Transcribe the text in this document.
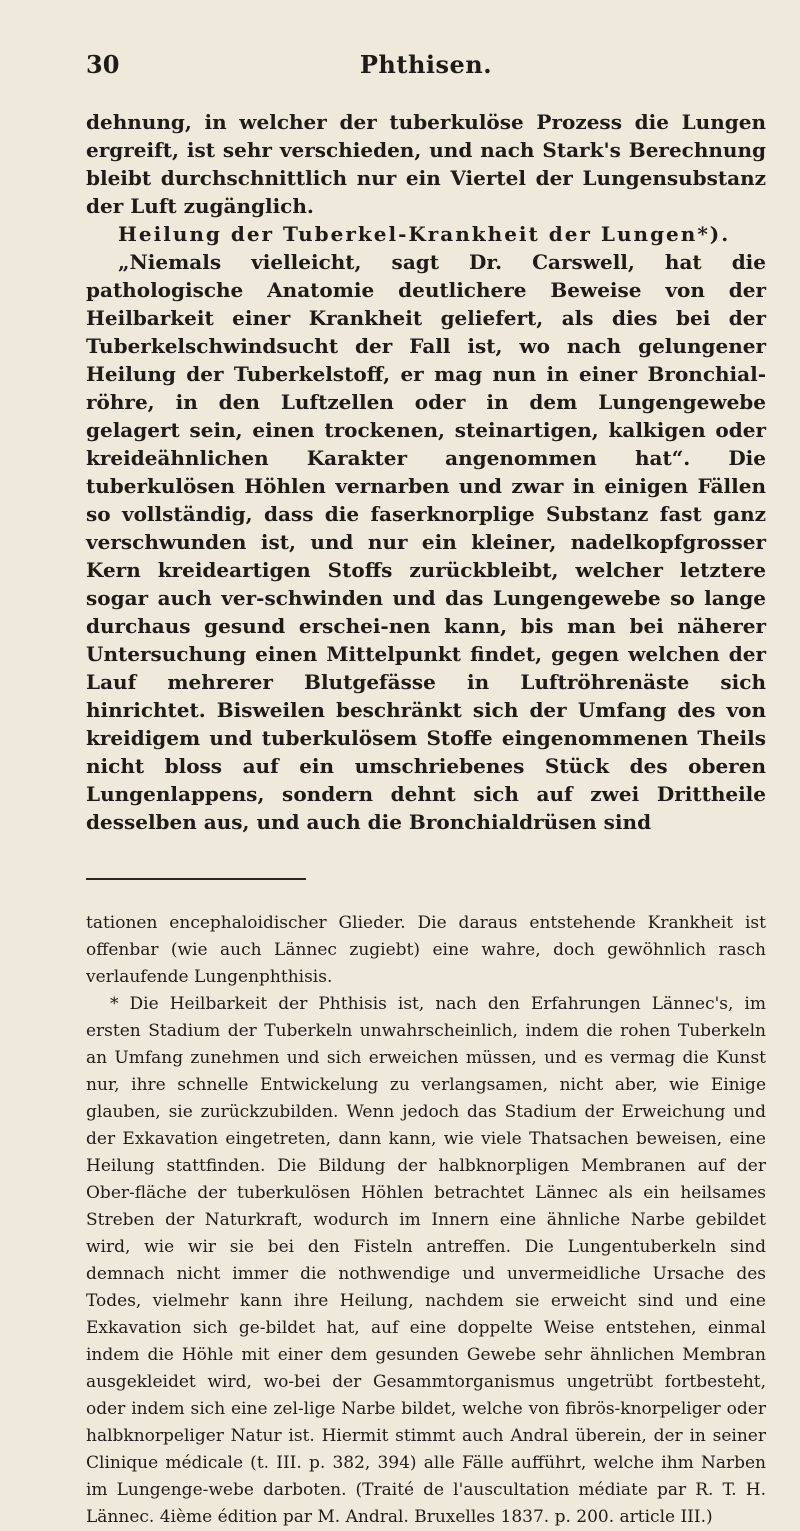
30	Phthisen.

dehnung, in welcher der tuberkulöse Prozess die Lungen ergreift, ist sehr verschieden, und nach Stark's Berechnung bleibt durchschnittlich nur ein Viertel der Lungensubstanz der Luft zugänglich.

Heilung der Tuberkel-Krankheit der Lungen*).

„Niemals vielleicht, sagt Dr. Carswell, hat die pathologische Anatomie deutlichere Beweise von der Heilbarkeit einer Krankheit geliefert, als dies bei der Tuberkelschwindsucht der Fall ist, wo nach gelungener Heilung der Tuberkelstoff, er mag nun in einer Bronchial-röhre, in den Luftzellen oder in dem Lungengewebe gelagert sein, einen trockenen, steinartigen, kalkigen oder kreideähnlichen Karakter angenommen hat“. Die tuberkulösen Höhlen vernarben und zwar in einigen Fällen so vollständig, dass die faserknorplige Substanz fast ganz verschwunden ist, und nur ein kleiner, nadelkopfgrosser Kern kreideartigen Stoffs zurückbleibt, welcher letztere sogar auch ver-schwinden und das Lungengewebe so lange durchaus gesund erschei-nen kann, bis man bei näherer Untersuchung einen Mittelpunkt findet, gegen welchen der Lauf mehrerer Blutgefässe in Luftröhrenäste sich hinrichtet. Bisweilen beschränkt sich der Umfang des von kreidigem und tuberkulösem Stoffe eingenommenen Theils nicht bloss auf ein umschriebenes Stück des oberen Lungenlappens, sondern dehnt sich auf zwei Drittheile desselben aus, und auch die Bronchialdrüsen sind

tationen encephaloidischer Glieder. Die daraus entstehende Krankheit ist offenbar (wie auch Lännec zugiebt) eine wahre, doch gewöhnlich rasch verlaufende Lungenphthisis.

* Die Heilbarkeit der Phthisis ist, nach den Erfahrungen Lännec's, im ersten Stadium der Tuberkeln unwahrscheinlich, indem die rohen Tuberkeln an Umfang zunehmen und sich erweichen müssen, und es vermag die Kunst nur, ihre schnelle Entwickelung zu verlangsamen, nicht aber, wie Einige glauben, sie zurückzubilden. Wenn jedoch das Stadium der Erweichung und der Exkavation eingetreten, dann kann, wie viele Thatsachen beweisen, eine Heilung stattfinden. Die Bildung der halbknorpligen Membranen auf der Ober-fläche der tuberkulösen Höhlen betrachtet Lännec als ein heilsames Streben der Naturkraft, wodurch im Innern eine ähnliche Narbe gebildet wird, wie wir sie bei den Fisteln antreffen. Die Lungentuberkeln sind demnach nicht immer die nothwendige und unvermeidliche Ursache des Todes, vielmehr kann ihre Heilung, nachdem sie erweicht sind und eine Exkavation sich ge-bildet hat, auf eine doppelte Weise entstehen, einmal indem die Höhle mit einer dem gesunden Gewebe sehr ähnlichen Membran ausgekleidet wird, wo-bei der Gesammtorganismus ungetrübt fortbesteht, oder indem sich eine zel-lige Narbe bildet, welche von fibrös-knorpeliger oder halbknorpeliger Natur ist. Hiermit stimmt auch Andral überein, der in seiner Clinique médicale (t. III. p. 382, 394) alle Fälle aufführt, welche ihm Narben im Lungenge-webe darboten. (Traité de l'auscultation médiate par R. T. H. Lännec. 4ième édition par M. Andral. Bruxelles 1837. p. 200. article III.)
